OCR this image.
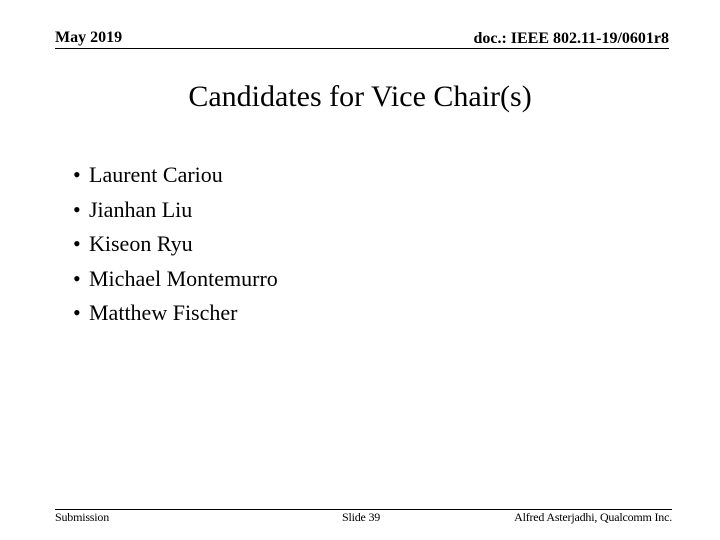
May 2019	doc.: IEEE 802.11-19/0601r8
Candidates for Vice Chair(s)
• Laurent Cariou
• Jianhan Liu
• Kiseon Ryu
• Michael Montemurro
• Matthew Fischer
Submission	Slide 39	Alfred Asterjadhi, Qualcomm Inc.
